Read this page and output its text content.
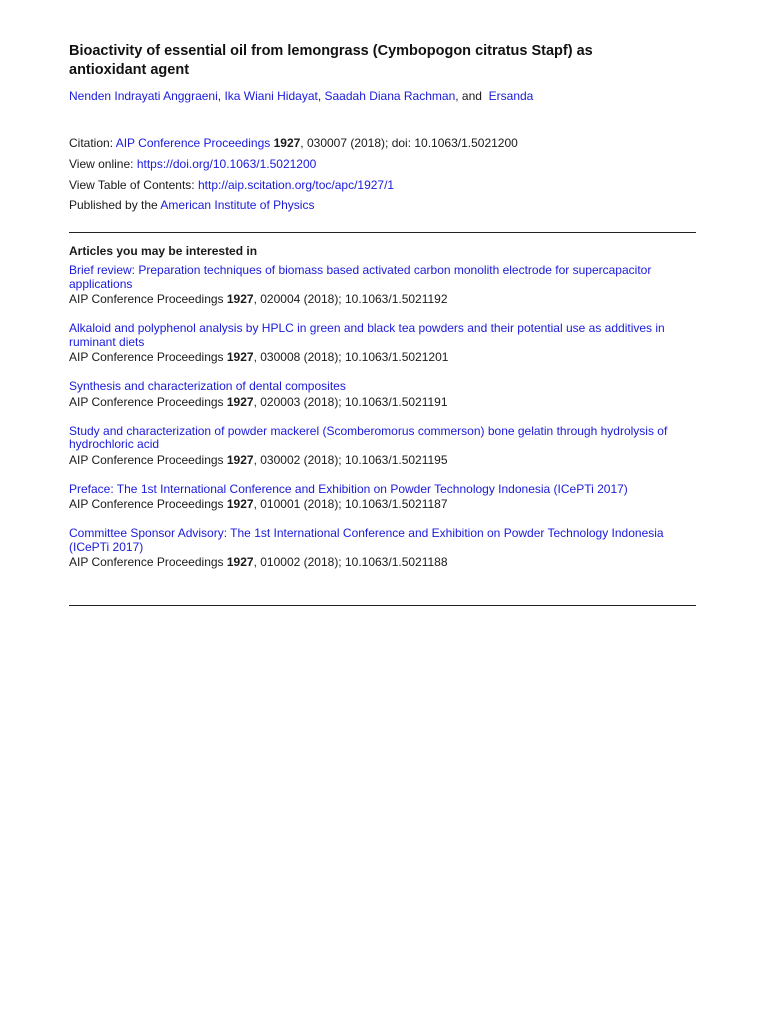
Bioactivity of essential oil from lemongrass (Cymbopogon citratus Stapf) as antioxidant agent
Nenden Indrayati Anggraeni, Ika Wiani Hidayat, Saadah Diana Rachman, and  Ersanda
Citation: AIP Conference Proceedings 1927, 030007 (2018); doi: 10.1063/1.5021200
View online: https://doi.org/10.1063/1.5021200
View Table of Contents: http://aip.scitation.org/toc/apc/1927/1
Published by the American Institute of Physics
Articles you may be interested in
Brief review: Preparation techniques of biomass based activated carbon monolith electrode for supercapacitor applications
AIP Conference Proceedings 1927, 020004 (2018); 10.1063/1.5021192
Alkaloid and polyphenol analysis by HPLC in green and black tea powders and their potential use as additives in ruminant diets
AIP Conference Proceedings 1927, 030008 (2018); 10.1063/1.5021201
Synthesis and characterization of dental composites
AIP Conference Proceedings 1927, 020003 (2018); 10.1063/1.5021191
Study and characterization of powder mackerel (Scomberomorus commerson) bone gelatin through hydrolysis of hydrochloric acid
AIP Conference Proceedings 1927, 030002 (2018); 10.1063/1.5021195
Preface: The 1st International Conference and Exhibition on Powder Technology Indonesia (ICePTi 2017)
AIP Conference Proceedings 1927, 010001 (2018); 10.1063/1.5021187
Committee Sponsor Advisory: The 1st International Conference and Exhibition on Powder Technology Indonesia (ICePTi 2017)
AIP Conference Proceedings 1927, 010002 (2018); 10.1063/1.5021188
